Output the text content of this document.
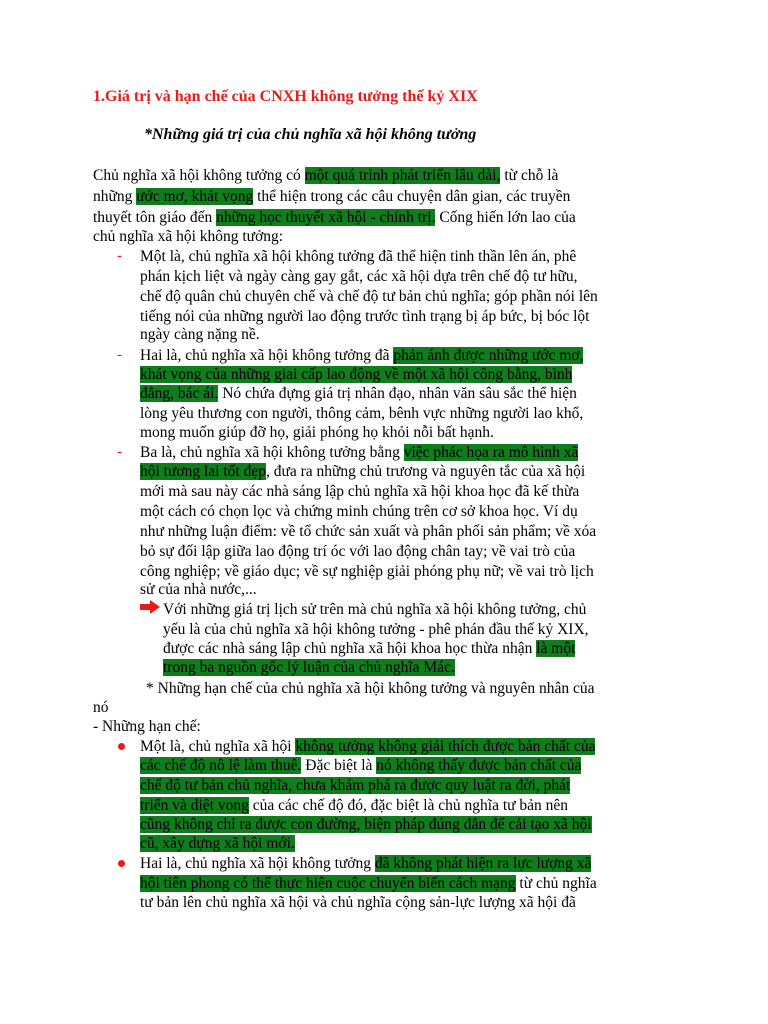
1.Giá trị và hạn chế của CNXH không tưởng thế kỷ XIX
*Những giá trị của chủ nghĩa xã hội không tưởng
Chủ nghĩa xã hội không tưởng có một quá trình phát triển lâu dài, từ chỗ là
những ước mơ, khát vọng thể hiện trong các câu chuyện dân gian, các truyền
thuyết tôn giáo đến những học thuyết xã hội - chính trị. Cống hiến lớn lao của
chủ nghĩa xã hội không tưởng:
- Một là, chủ nghĩa xã hội không tưởng đã thể hiện tinh thần lên án, phê
phán kịch liệt và ngày càng gay gắt, các xã hội dựa trên chế độ tư hữu,
chế độ quân chủ chuyên chế và chế độ tư bản chủ nghĩa; góp phần nói lên
tiếng nói của những người lao động trước tình trạng bị áp bức, bị bóc lột
ngày càng nặng nề.
- Hai là, chủ nghĩa xã hội không tưởng đã phản ánh được những ước mơ,
khát vọng của những giai cấp lao động về một xã hội công bằng, bình
đẳng, bác ái. Nó chứa đựng giá trị nhân đạo, nhân văn sâu sắc thể hiện
lòng yêu thương con người, thông cảm, bênh vực những người lao khổ,
mong muốn giúp đỡ họ, giải phóng họ khỏi nỗi bất hạnh.
- Ba là, chủ nghĩa xã hội không tưởng bằng việc phác họa ra mô hình xã
hội tương lai tốt đẹp, đưa ra những chủ trương và nguyên tắc của xã hội
mới mà sau này các nhà sáng lập chủ nghĩa xã hội khoa học đã kế thừa
một cách có chọn lọc và chứng minh chúng trên cơ sở khoa học. Ví dụ
như những luận điểm: về tổ chức sản xuất và phân phối sản phẩm; về xóa
bỏ sự đối lập giữa lao động trí óc với lao động chân tay; về vai trò của
công nghiệp; về giáo dục; về sự nghiệp giải phóng phụ nữ; về vai trò lịch
sử của nhà nước,...
Với những giá trị lịch sử trên mà chủ nghĩa xã hội không tưởng, chủ
yếu là của chủ nghĩa xã hội không tưởng - phê phán đầu thế kỷ XIX,
được các nhà sáng lập chủ nghĩa xã hội khoa học thừa nhận là một
trong ba nguồn gốc lý luận của chủ nghĩa Mác.
* Những hạn chế của chủ nghĩa xã hội không tưởng và nguyên nhân của
nó
- Những hạn chế:
Một là, chủ nghĩa xã hội không tưởng không giải thích được bản chất của
các chế độ nô lệ làm thuê. Đặc biệt là nó không thấy được bản chất của
chế độ tư bản chủ nghĩa, chưa khám phá ra được quy luật ra đời, phát
triển và diệt vong của các chế độ đó, đặc biệt là chủ nghĩa tư bản nên
cũng không chỉ ra được con đường, biện pháp đúng đắn để cải tạo xã hội
cũ, xây dựng xã hội mới.
Hai là, chủ nghĩa xã hội không tưởng đã không phát hiện ra lực lượng xã
hội tiên phong có thể thực hiện cuộc chuyển biến cách mạng từ chủ nghĩa
tư bản lên chủ nghĩa xã hội và chủ nghĩa cộng sản-lực lượng xã hội đã
